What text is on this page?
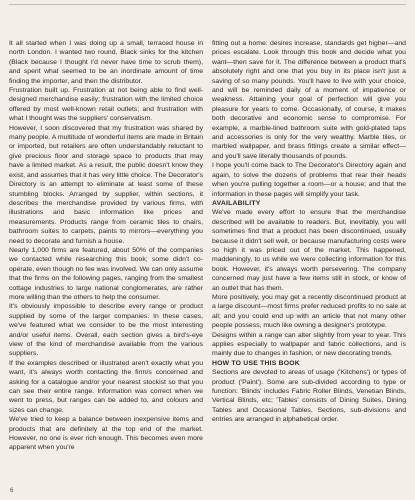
It all started when I was doing up a small, terraced house in north London. I wanted two round, Black sinks for the kitchen (Black because I thought I'd never have time to scrub them), and spent what seemed to be an inordinate amount of time finding the importer, and then the distributor.

Frustration built up. Frustration at not being able to find well-designed merchandise easily; frustration with the limited choice offered by most well-known retail outlets; and frustration with what I thought was the suppliers' conservatism.

However, I soon discovered that my frustration was shared by many people. A multitude of wonderful items are made in Britain or imported, but retailers are often understandably reluctant to give precious floor and storage space to products that may have a limited market. As a result, the public doesn't know they exist, and assumes that it has very little choice. The Decorator's Directory is an attempt to eliminate at least some of these stumbling blocks. Arranged by supplier, within sections, it describes the merchandise provided by various firms, with illustrations and basic information like prices and measurements. Products range from ceramic tiles to chairs, bathroom suites to carpets, paints to mirrors—everything you need to decorate and furnish a house.

Nearly 1,000 firms are featured, about 50% of the companies we contacted while researching this book; some didn't co-operate, even though no fee was involved. We can only assume that the firms on the following pages, ranging from the smallest cottage industries to large national conglomerates, are rather more willing than the others to help the consumer.

It's obviously impossible to describe every range or product supplied by some of the larger companies. In these cases, we've featured what we consider to be the most interesting and/or useful items. Overall, each section gives a bird's-eye view of the kind of merchandise available from the various suppliers.

If the examples described or illustrated aren't exactly what you want, it's always worth contacting the firm/s concerned and asking for a catalogue and/or your nearest stockist so that you can see their entire range. Information was correct when we went to press, but ranges can be added to, and colours and sizes can change.

We've tried to keep a balance between inexpensive items and products that are definitely at the top end of the market. However, no one is ever rich enough. This becomes even more apparent when you're

fitting out a home: desires increase, standards get higher—and prices escalate. Look through this book and decide what you want—then save for it. The difference between a product that's absolutely right and one that you buy in its place isn't just a saving of so many pounds. You'll have to live with your choice, and will be reminded daily of a moment of impatience or weakness. Attaining your goal of perfection will give you pleasure for years to come. Occasionally, of course, it makes both decorative and economic sense to compromise. For example, a marble-lined bathroom suite with gold-plated taps and accessories is only for the very wealthy. Marble tiles, or marbled wallpaper, and brass fittings create a similar effect—and you'll save literally thousands of pounds.

I hope you'll come back to The Decorator's Directory again and again, to solve the dozens of problems that rear their heads when you're pulling together a room—or a house; and that the information in these pages will simplify your task.

AVAILABILITY

We've made every effort to ensure that the merchandise described will be available to readers. But, inevitably, you will sometimes find that a product has been discontinued, usually because it didn't sell well, or because manufacturing costs were so high it was priced out of the market. This happened, maddeningly, to us while we were collecting information for this book. However, it's always worth persevering. The company concerned may just have a few items still in stock, or know of an outlet that has them.

More positively, you may get a recently discontinued product at a large discount—most firms prefer reduced profits to no sale at all; and you could end up with an article that not many other people possess, much like owning a designer's prototype.

Designs within a range can alter slightly from year to year. This applies especially to wallpaper and fabric collections, and is mainly due to changes in fashion, or new decorating trends.

HOW TO USE THIS BOOK

Sections are devoted to areas of usage ('Kitchens') or types of product ('Paint'). Some are sub-divided according to type or function: 'Blinds' includes Fabric Roller Blinds, Venetian Blinds, Vertical Blinds, etc; 'Tables' consists of Dining Suites, Dining Tables and Occasional Tables. Sections, sub-divisions and entries are arranged in alphabetical order.

6
